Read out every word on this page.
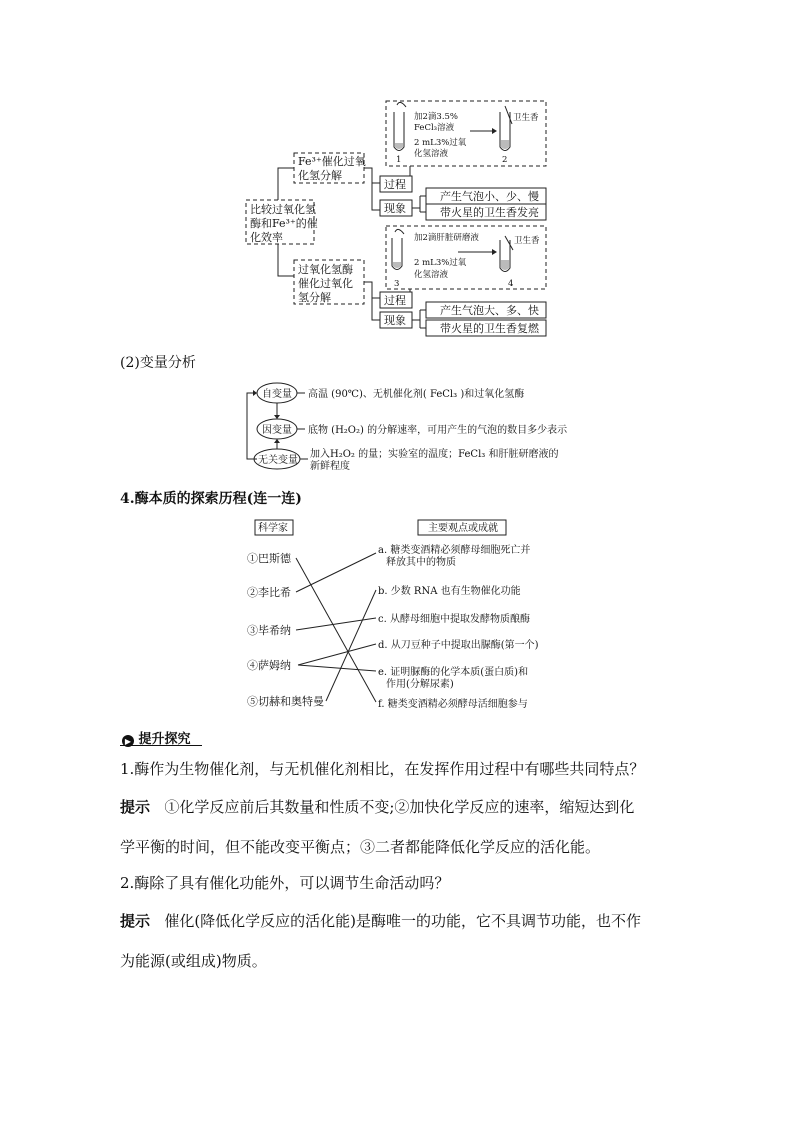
比较过氧化氢
酶和Fe³⁺的催
化效率
Fe³⁺催化过氧
化氢分解
1
加2滴3.5%
FeCl₃溶液
2 mL3%过氧
化氢溶液
2
卫生香
过程
现象
产生气泡小、少、慢
带火星的卫生香发亮
过氧化氢酶
催化过氧化
氢分解
3
加2滴肝脏研磨液
2 mL3%过氧
化氢溶液
4
卫生香
过程
现象
产生气泡大、多、快
带火星的卫生香复燃
(2)变量分析
自变量 高温 (90℃)、无机催化剂( FeCl₃ )和过氧化氢酶
因变量 底物 (H₂O₂) 的分解速率，可用产生的气泡的数目多少表示
无关变量
加入H₂O₂ 的量；实验室的温度；FeCl₃ 和肝脏研磨液的
新鲜程度
4.酶本质的探索历程(连一连)
科学家	主要观点或成就
①巴斯德
②李比希
③毕希纳
④萨姆纳
⑤切赫和奥特曼
a. 糖类变酒精必须酵母细胞死亡并
释放其中的物质
b. 少数 RNA 也有生物催化功能
c. 从酵母细胞中提取发酵物质酿酶
d. 从刀豆种子中提取出脲酶(第一个)
e. 证明脲酶的化学本质(蛋白质)和
作用(分解尿素)
f. 糖类变酒精必须酵母活细胞参与
▶ 提升探究
1.酶作为生物催化剂，与无机催化剂相比，在发挥作用过程中有哪些共同特点？
提示 ①化学反应前后其数量和性质不变;②加快化学反应的速率，缩短达到化
学平衡的时间，但不能改变平衡点；③二者都能降低化学反应的活化能。
2.酶除了具有催化功能外，可以调节生命活动吗？
提示 催化(降低化学反应的活化能)是酶唯一的功能，它不具调节功能，也不作
为能源(或组成)物质。
